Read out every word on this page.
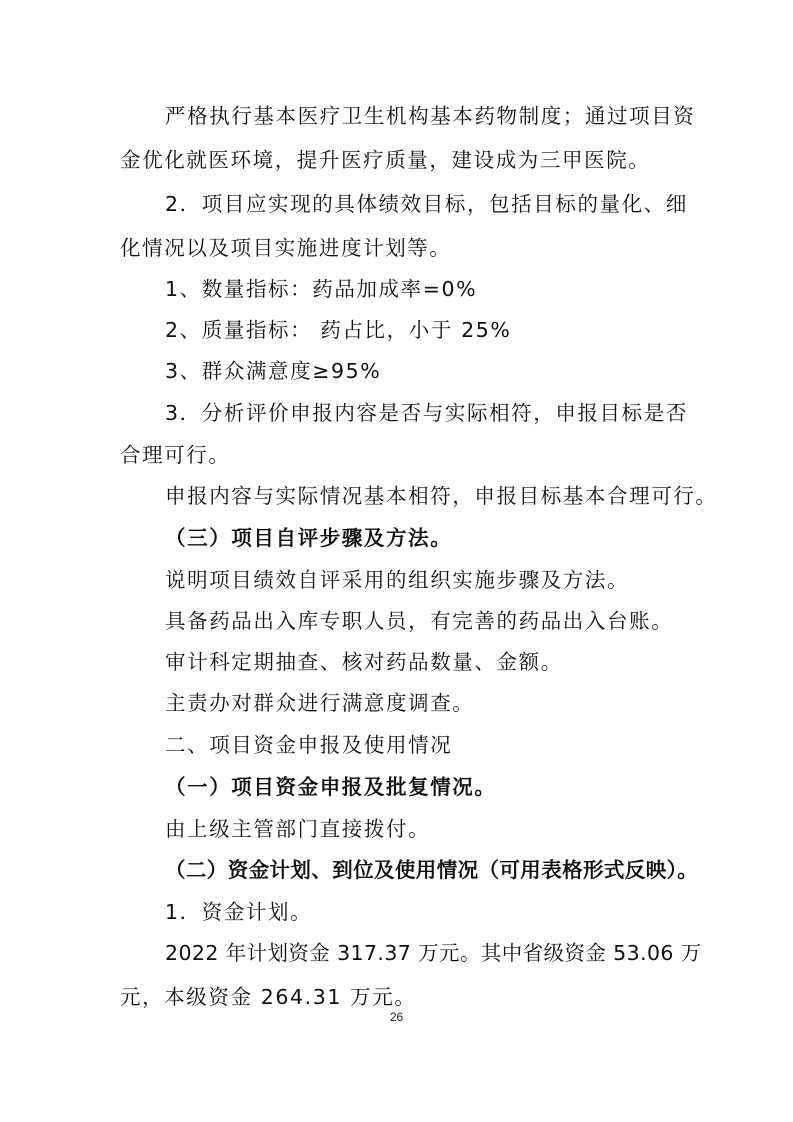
严格执行基本医疗卫生机构基本药物制度；通过项目资
金优化就医环境，提升医疗质量，建设成为三甲医院。
2．项目应实现的具体绩效目标，包括目标的量化、细
化情况以及项目实施进度计划等。
1、数量指标：药品加成率=0%
2、质量指标： 药占比，小于 25%
3、群众满意度≥95%
3．分析评价申报内容是否与实际相符，申报目标是否
合理可行。
申报内容与实际情况基本相符，申报目标基本合理可行。
（三）项目自评步骤及方法。
说明项目绩效自评采用的组织实施步骤及方法。
具备药品出入库专职人员，有完善的药品出入台账。
审计科定期抽查、核对药品数量、金额。
主责办对群众进行满意度调查。
二、项目资金申报及使用情况
（一）项目资金申报及批复情况。
由上级主管部门直接拨付。
（二）资金计划、到位及使用情况（可用表格形式反映）。
1．资金计划。
2022 年计划资金 317.37 万元。其中省级资金 53.06 万
元，本级资金 264.31 万元。
26
